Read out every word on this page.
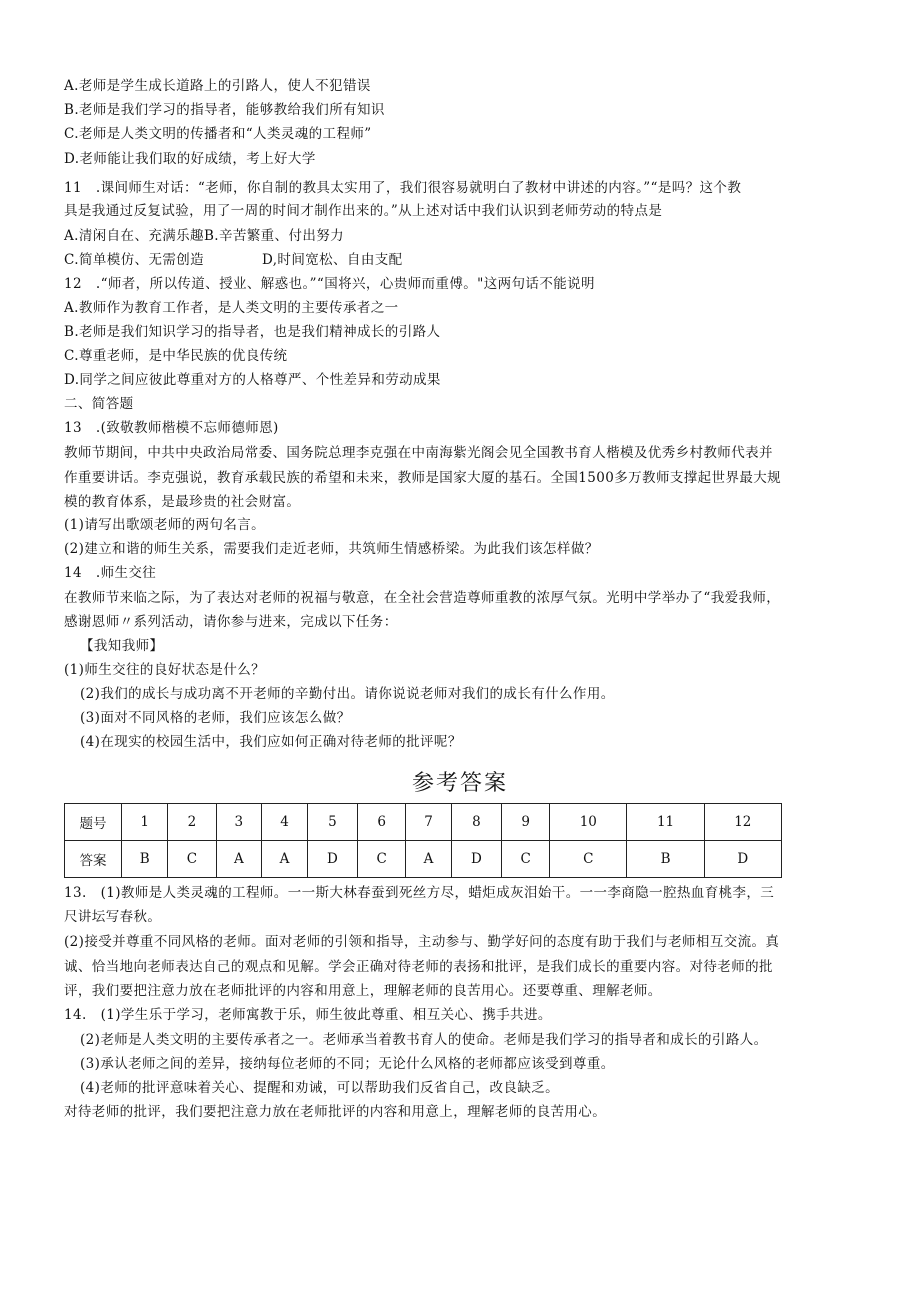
A.老师是学生成长道路上的引路人，使人不犯错误
B.老师是我们学习的指导者，能够教给我们所有知识
C.老师是人类文明的传播者和“人类灵魂的工程师”
D.老师能让我们取的好成绩，考上好大学
11　.课间师生对话：“老师，你自制的教具太实用了，我们很容易就明白了教材中讲述的内容。”“是吗？这个教
具是我通过反复试验，用了一周的时间才制作出来的。”从上述对话中我们认识到老师劳动的特点是
A.清闲自在、充满乐趣B.辛苦繁重、付出努力
C.简单模仿、无需创造	D,时间宽松、自由支配
12　.“师者，所以传道、授业、解惑也。”“国将兴，心贵师而重傅。"这两句话不能说明
A.教师作为教育工作者，是人类文明的主要传承者之一
B.老师是我们知识学习的指导者，也是我们精神成长的引路人
C.尊重老师，是中华民族的优良传统
D.同学之间应彼此尊重对方的人格尊严、个性差异和劳动成果
二、简答题
13　.(致敬教师楷模不忘师德师恩)
教师节期间，中共中央政治局常委、国务院总理李克强在中南海紫光阁会见全国教书育人楷模及优秀乡村教师代表并
作重要讲话。李克强说，教育承载民族的希望和未来，教师是国家大厦的基石。全国1500多万教师支撑起世界最大规
模的教育体系，是最珍贵的社会财富。
(1)请写出歌颂老师的两句名言。
(2)建立和谐的师生关系，需要我们走近老师，共筑师生情感桥梁。为此我们该怎样做？
14　.师生交往
在教师节来临之际，为了表达对老师的祝福与敬意，在全社会营造尊师重教的浓厚气氛。光明中学举办了“我爱我师，
感谢恩师〃系列活动，请你参与进来，完成以下任务：
【我知我师】
(1)师生交往的良好状态是什么？
(2)我们的成长与成功离不开老师的辛勤付出。请你说说老师对我们的成长有什么作用。
(3)面对不同风格的老师，我们应该怎么做？
(4)在现实的校园生活中，我们应如何正确对待老师的批评呢？
参考答案
题号	1	2	3	4	5	6	7	8	9	10	11	12
答案	B	C	A	A	D	C	A	D	C	C	B	D
13.　(1)教师是人类灵魂的工程师。一一斯大林春蚕到死丝方尽，蜡炬成灰泪始干。一一李商隐一腔热血育桃李，三
尺讲坛写春秋。
(2)接受并尊重不同风格的老师。面对老师的引领和指导，主动参与、勤学好问的态度有助于我们与老师相互交流。真
诚、恰当地向老师表达自己的观点和见解。学会正确对待老师的表扬和批评，是我们成长的重要内容。对待老师的批
评，我们要把注意力放在老师批评的内容和用意上，理解老师的良苦用心。还要尊重、理解老师。
14.　(1)学生乐于学习，老师寓教于乐，师生彼此尊重、相互关心、携手共进。
(2)老师是人类文明的主要传承者之一。老师承当着教书育人的使命。老师是我们学习的指导者和成长的引路人。
(3)承认老师之间的差异，接纳每位老师的不同；无论什么风格的老师都应该受到尊重。
(4)老师的批评意味着关心、提醒和劝诫，可以帮助我们反省自己，改良缺乏。
对待老师的批评，我们要把注意力放在老师批评的内容和用意上，理解老师的良苦用心。
